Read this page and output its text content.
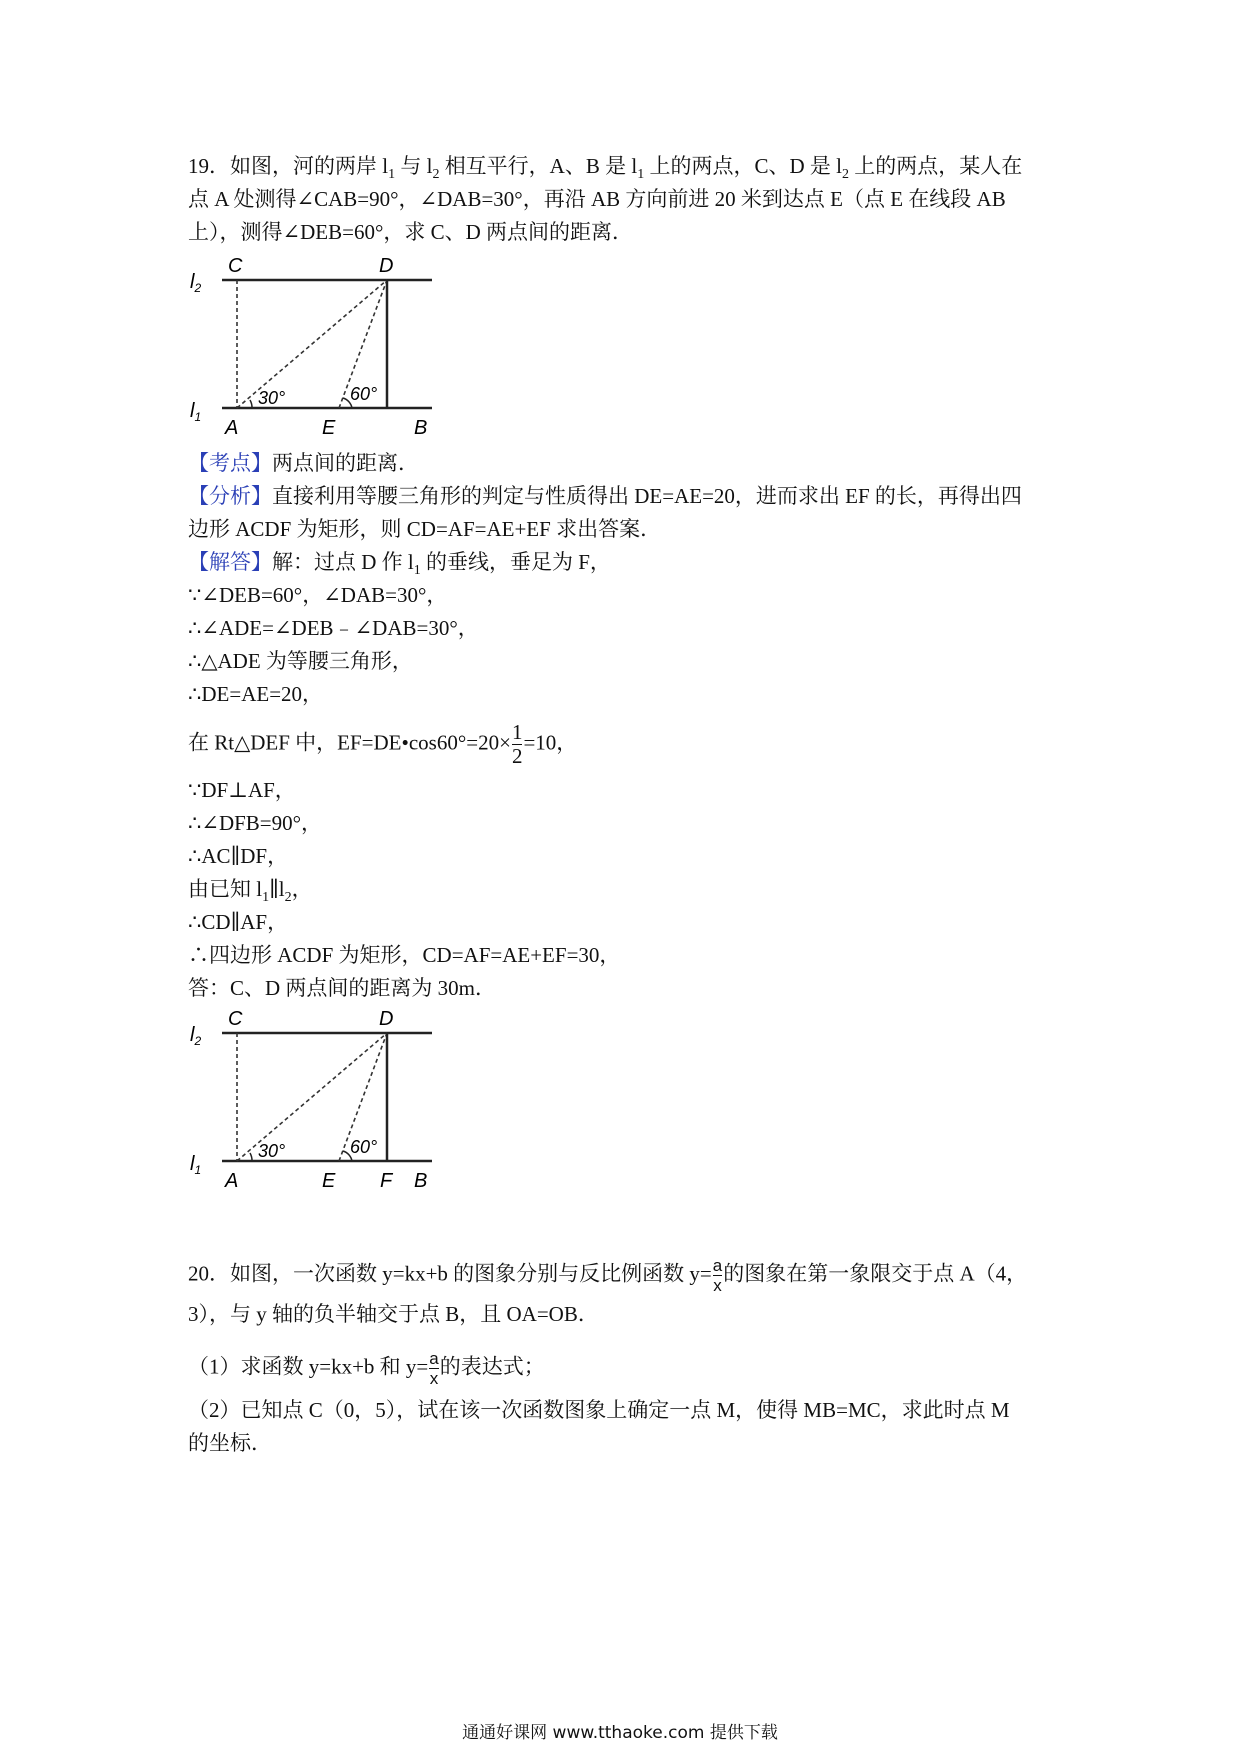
19．如图，河的两岸 $l_1$ 与 $l_2$ 相互平行，A、B 是 $l_1$ 上的两点，C、D 是 $l_2$ 上的两点，某人在
点 A 处测得∠CAB=90°，∠DAB=30°，再沿 AB 方向前进 20 米到达点 E（点 E 在线段 AB
上），测得∠DEB=60°，求 C、D 两点间的距离．
$l_2$
$l_1$
C	D
A	E	B
30°	60°
【考点】两点间的距离．
【分析】直接利用等腰三角形的判定与性质得出 DE=AE=20，进而求出 EF 的长，再得出四
边形 ACDF 为矩形，则 CD=AF=AE+EF 求出答案．
【解答】解：过点 D 作 $l_1$ 的垂线，垂足为 F，
∵∠DEB=60°，∠DAB=30°，
∴∠ADE=∠DEB﹣∠DAB=30°，
∴△ADE 为等腰三角形，
∴DE=AE=20，
在 Rt△DEF 中，EF=DE•cos60°=20× $\frac{1}{2} =10$，
∵DF⊥AF，
∴∠DFB=90°，
∴AC∥DF，
由已知 $l_1\parallel l_2$，
∴CD∥AF，
∴四边形 ACDF 为矩形，CD=AF=AE+EF=30，
答：C、D 两点间的距离为 30m．
$l_2$
$l_1$
C	D
A	E F B
30°	60°
20．如图，一次函数 y=kx+b 的图象分别与反比例函数 $y= \frac{a}{x}$ 的图象在第一象限交于点 A（4，
3），与 y 轴的负半轴交于点 B，且 OA=OB．
（1）求函数 y=kx+b 和 $y= \frac{a}{x}$ 的表达式；
（2）已知点 C（0，5），试在该一次函数图象上确定一点 M，使得 MB=MC，求此时点 M
的坐标．
通通好课网 www.tthaoke.com 提供下载
